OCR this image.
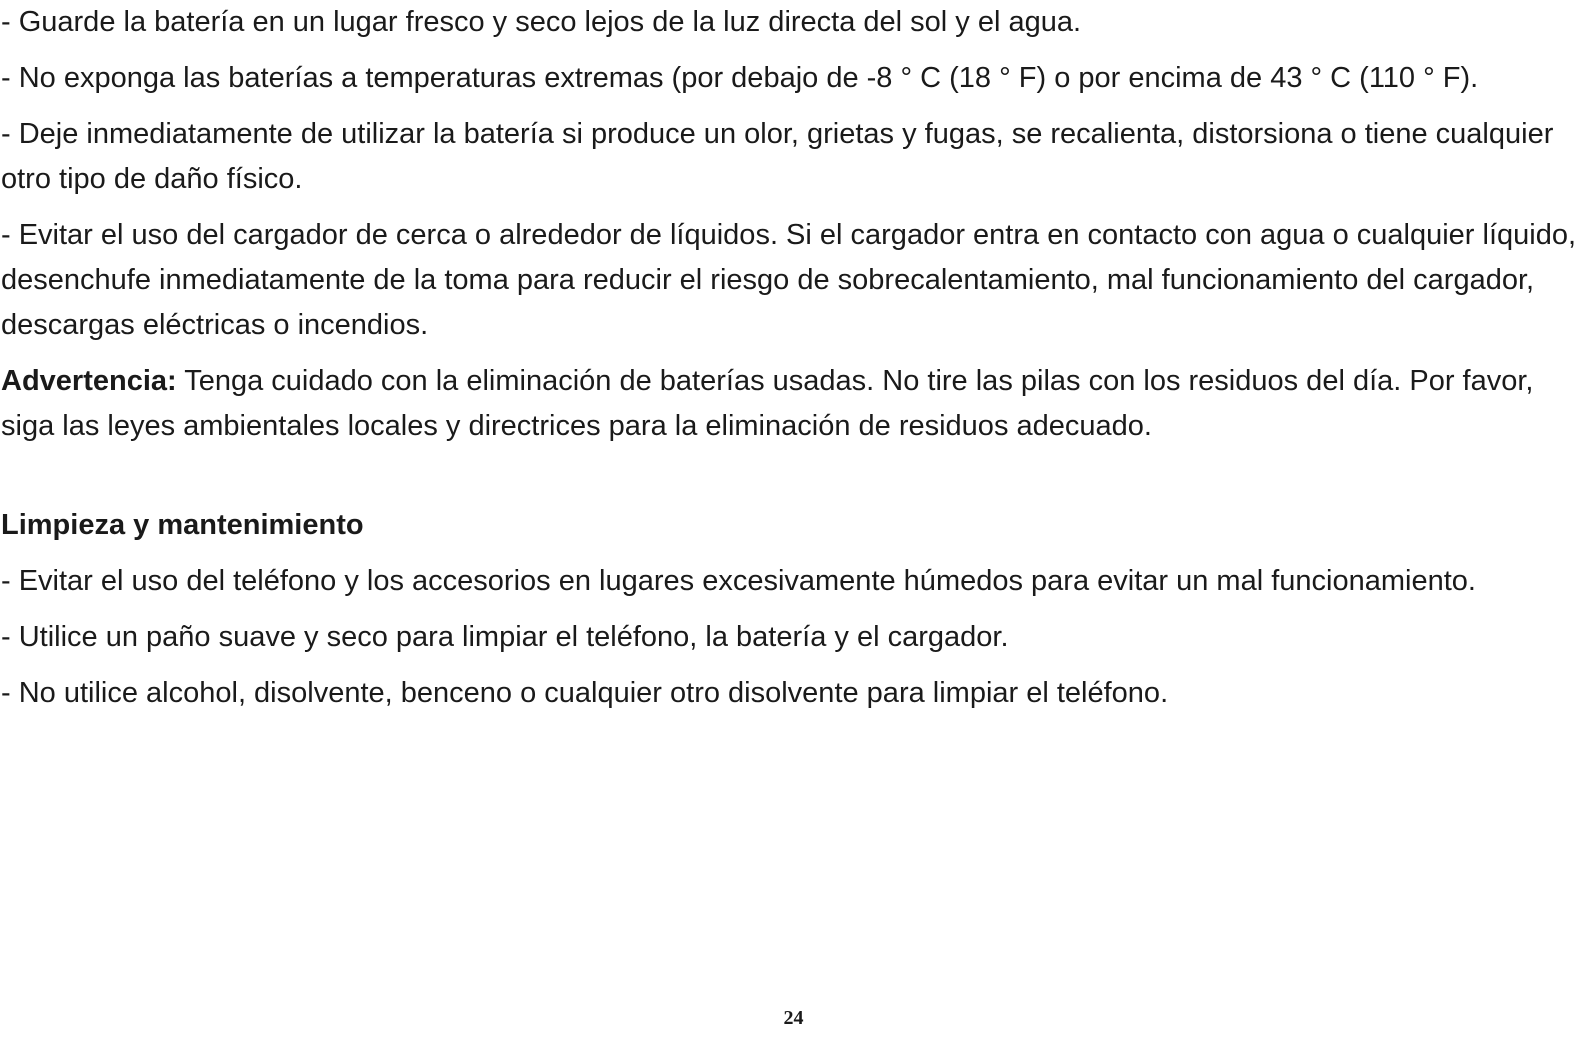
- Guarde la batería en un lugar fresco y seco lejos de la luz directa del sol y el agua.

- No exponga las baterías a temperaturas extremas (por debajo de -8 ° C (18 ° F) o por encima de 43 ° C (110 ° F).

- Deje inmediatamente de utilizar la batería si produce un olor, grietas y fugas, se recalienta, distorsiona o tiene cualquier otro tipo de daño físico.

- Evitar el uso del cargador de cerca o alrededor de líquidos. Si el cargador entra en contacto con agua o cualquier líquido, desenchufe inmediatamente de la toma para reducir el riesgo de sobrecalentamiento, mal funcionamiento del cargador, descargas eléctricas o incendios.

Advertencia: Tenga cuidado con la eliminación de baterías usadas. No tire las pilas con los residuos del día. Por favor, siga las leyes ambientales locales y directrices para la eliminación de residuos adecuado.

Limpieza y mantenimiento

- Evitar el uso del teléfono y los accesorios en lugares excesivamente húmedos para evitar un mal funcionamiento.

- Utilice un paño suave y seco para limpiar el teléfono, la batería y el cargador.

- No utilice alcohol, disolvente, benceno o cualquier otro disolvente para limpiar el teléfono.

24
